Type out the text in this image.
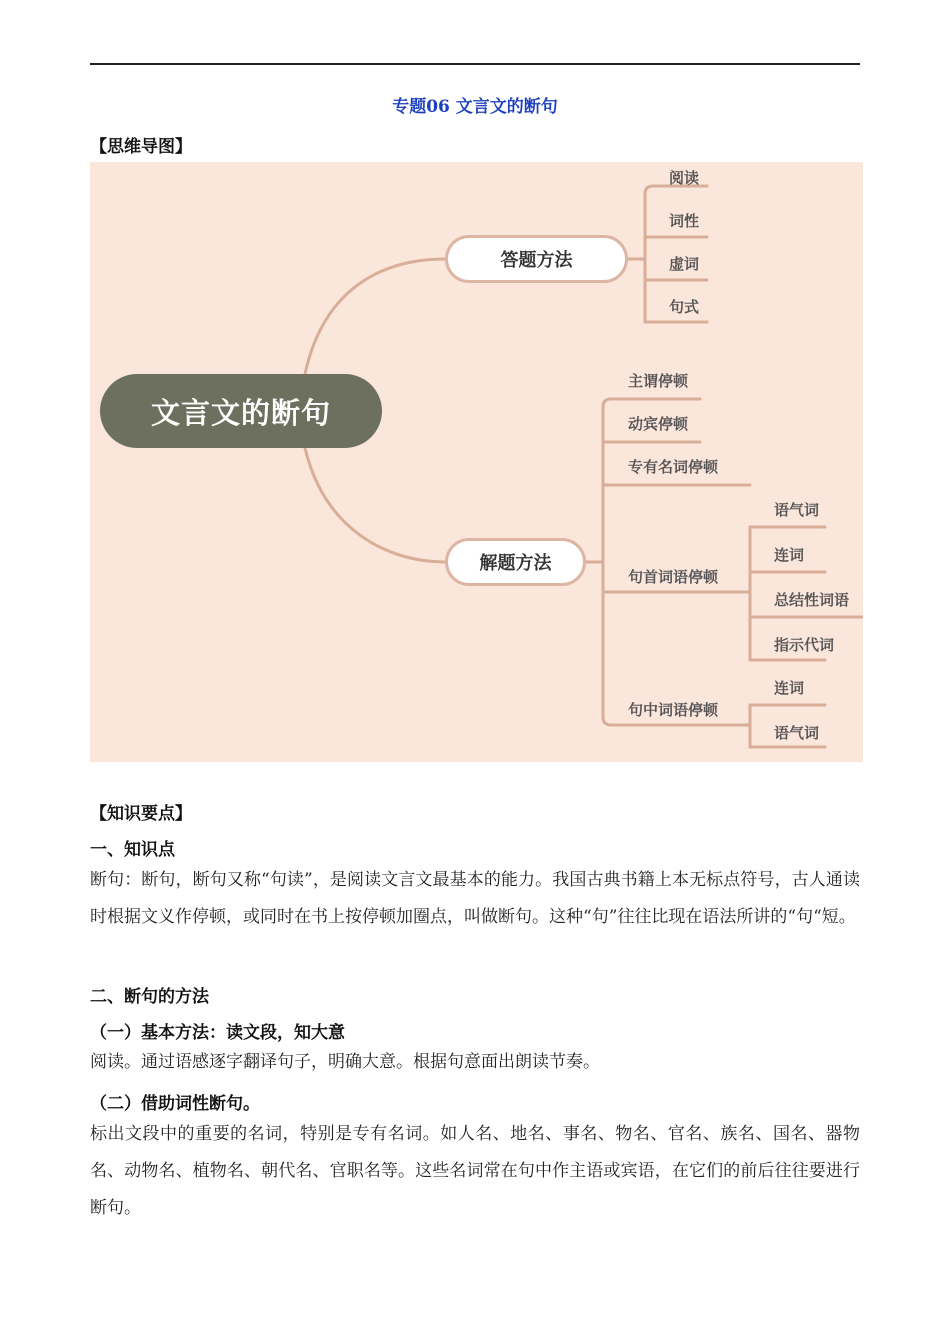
专题06 文言文的断句
【思维导图】
文言文的断句
答题方法
解题方法
阅读
词性
虚词
句式
主谓停顿
动宾停顿
专有名词停顿
句首词语停顿
句中词语停顿
语气词
连词
总结性词语
指示代词
连词
语气词
【知识要点】
一、知识点
断句：断句，断句又称“句读”，是阅读文言文最基本的能力。我国古典书籍上本无标点符号，古人通读时根据文义作停顿，或同时在书上按停顿加圈点，叫做断句。这种“句”往往比现在语法所讲的“句“短。
二、断句的方法
（一）基本方法：读文段，知大意
阅读。通过语感逐字翻译句子，明确大意。根据句意面出朗读节奏。
（二）借助词性断句。
标出文段中的重要的名词，特别是专有名词。如人名、地名、事名、物名、官名、族名、国名、器物名、动物名、植物名、朝代名、官职名等。这些名词常在句中作主语或宾语，在它们的前后往往要进行断句。
